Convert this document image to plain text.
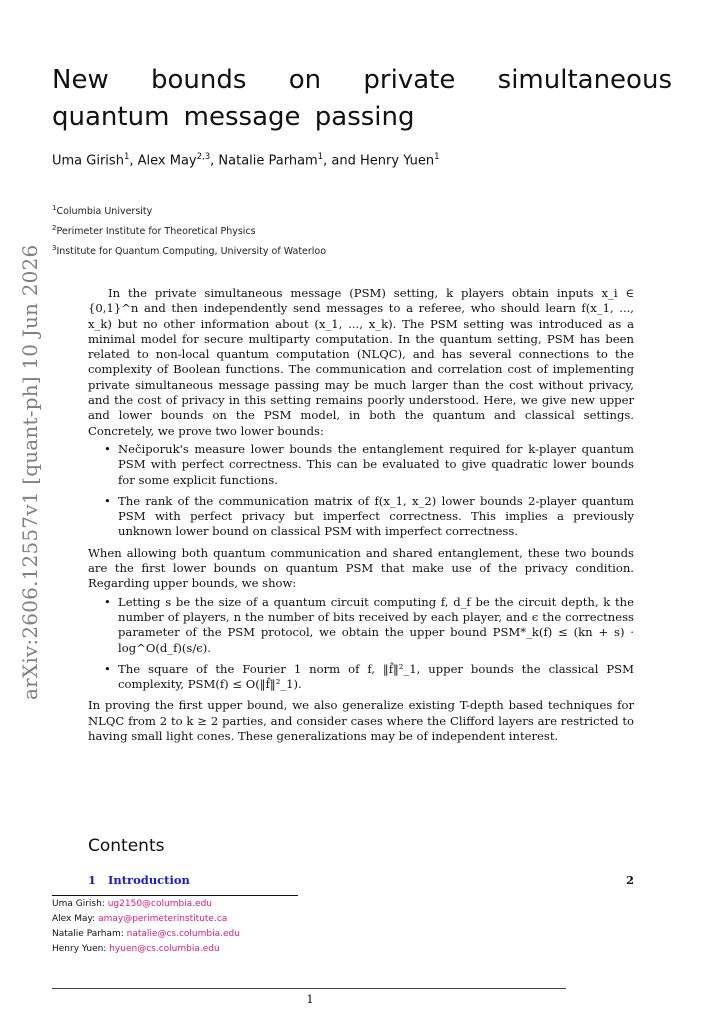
arXiv:2606.12557v1 [quant-ph] 10 Jun 2026
New bounds on private simultaneous quantum message passing
Uma Girish$^1$, Alex May$^{2,3}$, Natalie Parham$^1$, and Henry Yuen$^1$
$^1$Columbia University
$^2$Perimeter Institute for Theoretical Physics
$^3$Institute for Quantum Computing, University of Waterloo

In the private simultaneous message (PSM) setting, k players obtain inputs x_i ∈ {0,1}^n and then independently send messages to a referee, who should learn f(x_1, ..., x_k) but no other information about (x_1, ..., x_k). The PSM setting was introduced as a minimal model for secure multiparty computation. In the quantum setting, PSM has been related to non-local quantum computation (NLQC), and has several connections to the complexity of Boolean functions. The communication and correlation cost of implementing private simultaneous message passing may be much larger than the cost without privacy, and the cost of privacy in this setting remains poorly understood. Here, we give new upper and lower bounds on the PSM model, in both the quantum and classical settings. Concretely, we prove two lower bounds:

• Nečiporuk's measure lower bounds the entanglement required for k-player quantum PSM with perfect correctness. This can be evaluated to give quadratic lower bounds for some explicit functions.
• The rank of the communication matrix of f(x_1, x_2) lower bounds 2-player quantum PSM with perfect privacy but imperfect correctness. This implies a previously unknown lower bound on classical PSM with imperfect correctness.

When allowing both quantum communication and shared entanglement, these two bounds are the first lower bounds on quantum PSM that make use of the privacy condition. Regarding upper bounds, we show:

• Letting s be the size of a quantum circuit computing f, d_f be the circuit depth, k the number of players, n the number of bits received by each player, and ϵ the correctness parameter of the PSM protocol, we obtain the upper bound PSM*_k(f) ≤ (kn + s) · log^O(d_f)(s/ϵ).
• The square of the Fourier 1 norm of f, ‖f̂‖²_1, upper bounds the classical PSM complexity, PSM(f) ≤ O(‖f̂‖²_1).

In proving the first upper bound, we also generalize existing T-depth based techniques for NLQC from 2 to k ≥ 2 parties, and consider cases where the Clifford layers are restricted to having small light cones. These generalizations may be of independent interest.

Contents
1 Introduction	2
Uma Girish: ug2150@columbia.edu
Alex May: amay@perimeterinstitute.ca
Natalie Parham: natalie@cs.columbia.edu
Henry Yuen: hyuen@cs.columbia.edu
1
